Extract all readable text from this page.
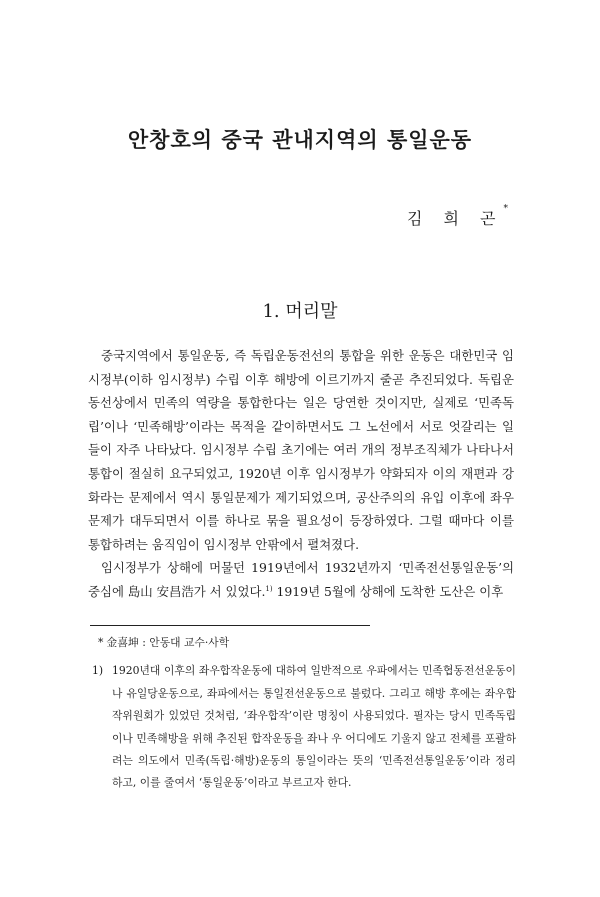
안창호의 중국 관내지역의 통일운동
김 희 곤*
1. 머리말

중국지역에서 통일운동, 즉 독립운동전선의 통합을 위한 운동은 대한민국 임시정부(이하 임시정부) 수립 이후 해방에 이르기까지 줄곧 추진되었다. 독립운동선상에서 민족의 역량을 통합한다는 일은 당연한 것이지만, 실제로 ‘민족독립’이나 ‘민족해방’이라는 목적을 같이하면서도 그 노선에서 서로 엇갈리는 일들이 자주 나타났다. 임시정부 수립 초기에는 여러 개의 정부조직체가 나타나서 통합이 절실히 요구되었고, 1920년 이후 임시정부가 약화되자 이의 재편과 강화라는 문제에서 역시 통일문제가 제기되었으며, 공산주의의 유입 이후에 좌우문제가 대두되면서 이를 하나로 묶을 필요성이 등장하였다. 그럴 때마다 이를 통합하려는 움직임이 임시정부 안팎에서 펼쳐졌다.

임시정부가 상해에 머물던 1919년에서 1932년까지 ‘민족전선통일운동’의 중심에 島山 安昌浩가 서 있었다.$^{1)}$ 1919년 5월에 상해에 도착한 도산은 이후

* 金喜坤 : 안동대 교수·사학

1) 1920년대 이후의 좌우합작운동에 대하여 일반적으로 우파에서는 민족협동전선운동이나 유일당운동으로, 좌파에서는 통일전선운동으로 불렀다. 그리고 해방 후에는 좌우합작위원회가 있었던 것처럼, ‘좌우합작’이란 명칭이 사용되었다. 필자는 당시 민족독립이나 민족해방을 위해 추진된 합작운동을 좌나 우 어디에도 기울지 않고 전체를 포괄하려는 의도에서 민족(독립·해방)운동의 통일이라는 뜻의 ‘민족전선통일운동’이라 정리하고, 이를 줄여서 ‘통일운동’이라고 부르고자 한다.
